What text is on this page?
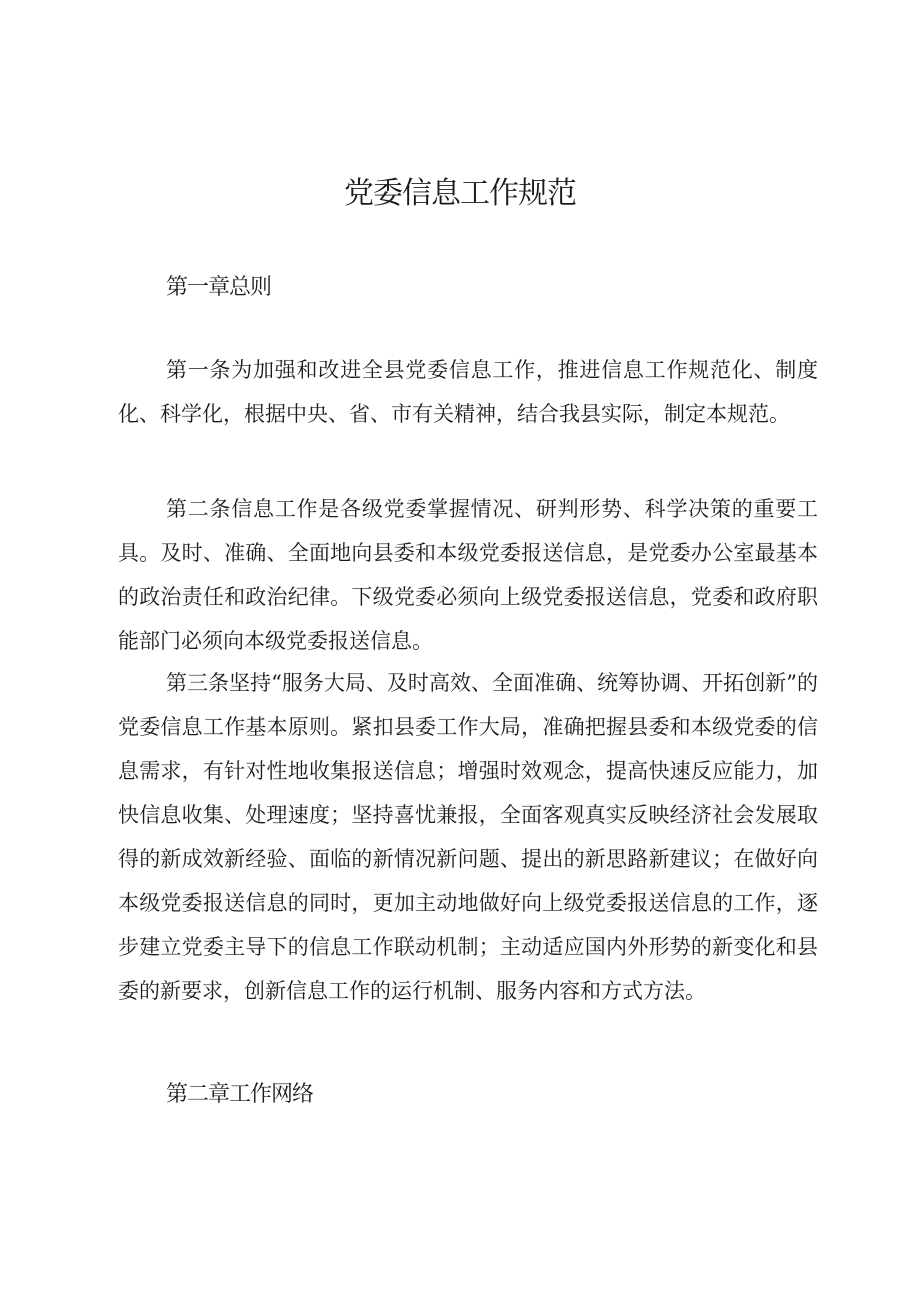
党委信息工作规范
第一章总则

第一条为加强和改进全县党委信息工作，推进信息工作规范化、制度化、科学化，根据中央、省、市有关精神，结合我县实际，制定本规范。

第二条信息工作是各级党委掌握情况、研判形势、科学决策的重要工具。及时、准确、全面地向县委和本级党委报送信息，是党委办公室最基本的政治责任和政治纪律。下级党委必须向上级党委报送信息，党委和政府职能部门必须向本级党委报送信息。

第三条坚持“服务大局、及时高效、全面准确、统筹协调、开拓创新”的党委信息工作基本原则。紧扣县委工作大局，准确把握县委和本级党委的信息需求，有针对性地收集报送信息；增强时效观念，提高快速反应能力，加快信息收集、处理速度；坚持喜忧兼报，全面客观真实反映经济社会发展取得的新成效新经验、面临的新情况新问题、提出的新思路新建议；在做好向本级党委报送信息的同时，更加主动地做好向上级党委报送信息的工作，逐步建立党委主导下的信息工作联动机制；主动适应国内外形势的新变化和县委的新要求，创新信息工作的运行机制、服务内容和方式方法。

第二章工作网络
